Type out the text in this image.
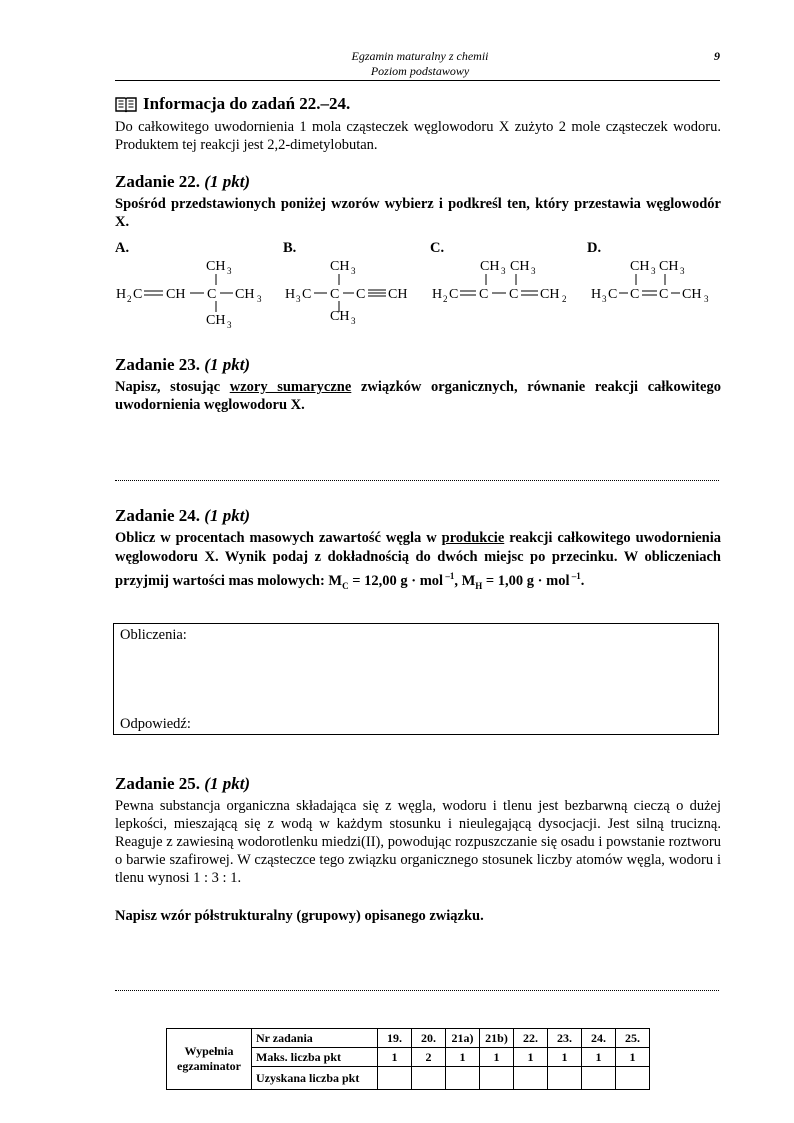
Egzamin maturalny z chemii
Poziom podstawowy
9
Informacja do zadań 22.–24.
Do całkowitego uwodornienia 1 mola cząsteczek węglowodoru X zużyto 2 mole cząsteczek wodoru. Produktem tej reakcji jest 2,2-dimetylobutan.
Zadanie 22. (1 pkt)
Spośród przedstawionych poniżej wzorów wybierz i podkreśl ten, który przestawia węglowodór X.
A.	B.	C.	D.
CH 3
H 2 C CH C CH 3
CH 3
CH 3
H 3 C C C CH
CH 3
CH 3 CH 3
H 2 C C C CH 2
CH 3 CH 3
H 3 C C C CH 3
Zadanie 23. (1 pkt)
Napisz, stosując wzory sumaryczne związków organicznych, równanie reakcji całkowitego uwodornienia węglowodoru X.
Zadanie 24. (1 pkt)
Oblicz w procentach masowych zawartość węgla w produkcie reakcji całkowitego uwodornienia węglowodoru X. Wynik podaj z dokładnością do dwóch miejsc po przecinku. W obliczeniach przyjmij wartości mas molowych: $M_C = 12,00$ g · mol $^{-1}$, $M_H = 1,00$ g · mol $^{-1}$.
Obliczenia:
Odpowiedź:
Zadanie 25. (1 pkt)
Pewna substancja organiczna składająca się z węgla, wodoru i tlenu jest bezbarwną cieczą o dużej lepkości, mieszającą się z wodą w każdym stosunku i nieulegającą dysocjacji. Jest silną trucizną. Reaguje z zawiesiną wodorotlenku miedzi(II), powodując rozpuszczanie się osadu i powstanie roztworu o barwie szafirowej. W cząsteczce tego związku organicznego stosunek liczby atomów węgla, wodoru i tlenu wynosi 1 : 3 : 1.
Napisz wzór półstrukturalny (grupowy) opisanego związku.
Wypełnia egzaminator	Nr zadania	19.	20.	21a)	21b)	22.	23.	24.	25.
	Maks. liczba pkt	1	2	1	1	1	1	1	1
	Uzyskana liczba pkt								
